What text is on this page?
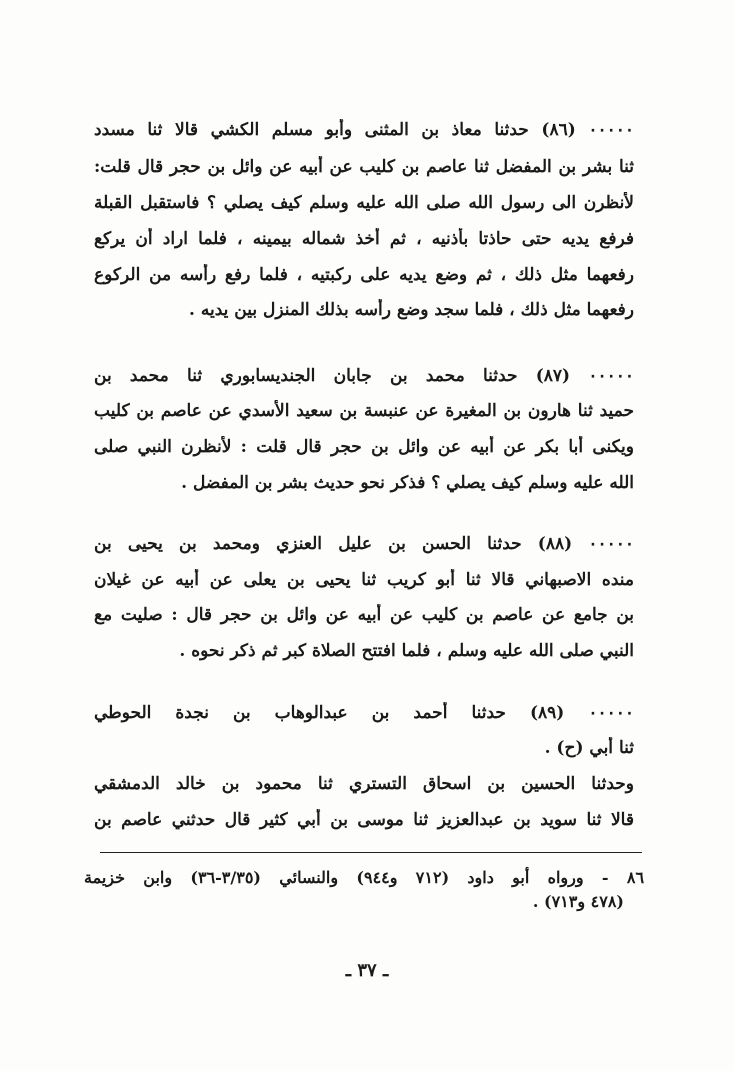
٠٠٠٠٠ (٨٦) حدثنا معاذ بن المثنى وأبو مسلم الكشي قالا ثنا مسدد
ثنا بشر بن المفضل ثنا عاصم بن كليب عن أبيه عن وائل بن حجر قال قلت:
لأنظرن الى رسول الله صلى الله عليه وسلم كيف يصلي ؟ فاستقبل القبلة
فرفع يديه حتى حاذتا بأذنيه ، ثم أخذ شماله بيمينه ، فلما اراد أن يركع
رفعهما مثل ذلك ، ثم وضع يديه على ركبتيه ، فلما رفع رأسه من الركوع
رفعهما مثل ذلك ، فلما سجد وضع رأسه بذلك المنزل بين يديه .
٠٠٠٠٠ (٨٧) حدثنا محمد بن جابان الجنديسابوري ثنا محمد بن
حميد ثنا هارون بن المغيرة عن عنبسة بن سعيد الأسدي عن عاصم بن كليب
ويكنى أبا بكر عن أبيه عن وائل بن حجر قال قلت : لأنظرن النبي صلى
الله عليه وسلم كيف يصلي ؟ فذكر نحو حديث بشر بن المفضل .
٠٠٠٠٠ (٨٨) حدثنا الحسن بن عليل العنزي ومحمد بن يحيى بن
منده الاصبهاني قالا ثنا أبو كريب ثنا يحيى بن يعلى عن أبيه عن غيلان
بن جامع عن عاصم بن كليب عن أبيه عن وائل بن حجر قال : صليت مع
النبي صلى الله عليه وسلم ، فلما افتتح الصلاة كبر ثم ذكر نحوه .
٠٠٠٠٠ (٨٩) حدثنا أحمد بن عبدالوهاب بن نجدة الحوطي
ثنا أبي (ح) .
وحدثنا الحسين بن اسحاق التستري ثنا محمود بن خالد الدمشقي
قالا ثنا سويد بن عبدالعزيز ثنا موسى بن أبي كثير قال حدثني عاصم بن
٨٦ - ورواه أبو داود (٧١٢ و٩٤٤) والنسائي (٣/٣٥-٣٦) وابن خزيمة
(٤٧٨ و٧١٣) .
ـ ٣٧ ـ
